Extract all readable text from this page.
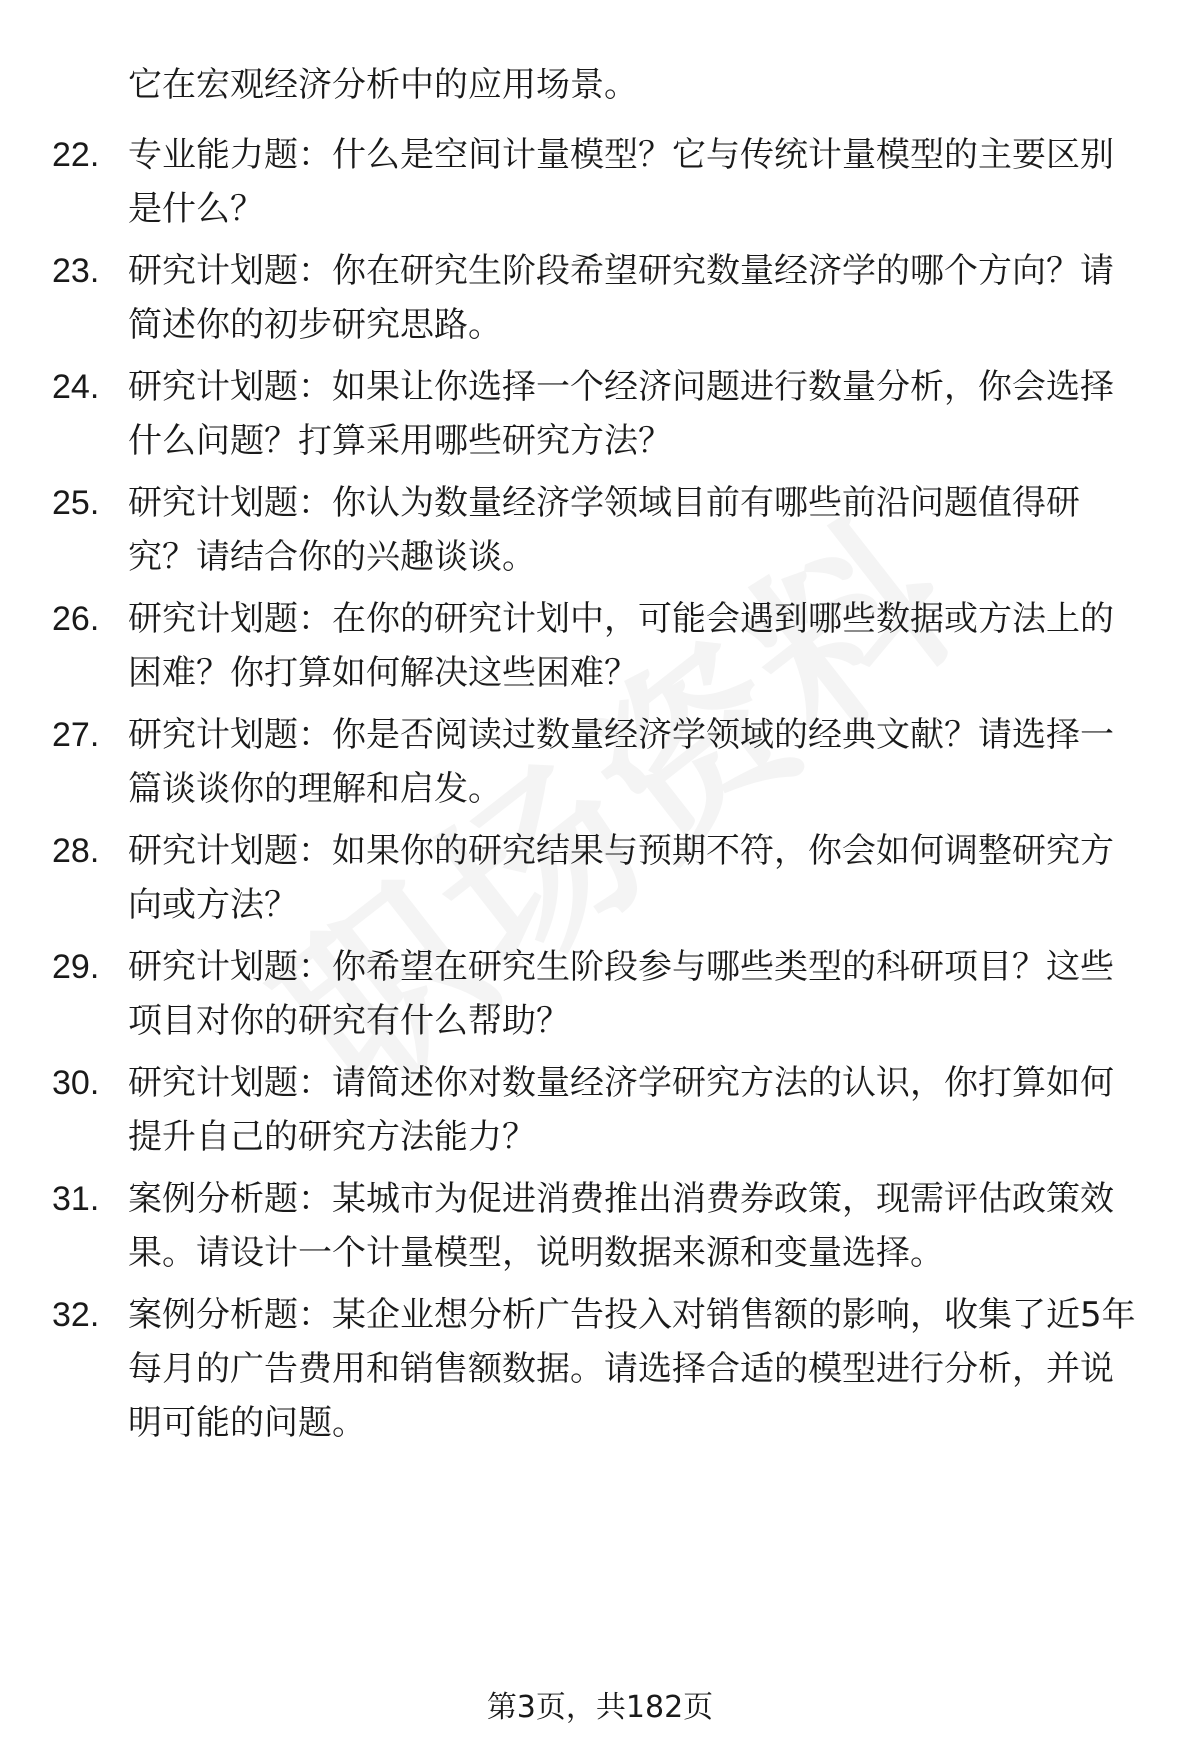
它在宏观经济分析中的应用场景。
22. 专业能力题：什么是空间计量模型？它与传统计量模型的主要区别是什么？
23. 研究计划题：你在研究生阶段希望研究数量经济学的哪个方向？请简述你的初步研究思路。
24. 研究计划题：如果让你选择一个经济问题进行数量分析，你会选择什么问题？打算采用哪些研究方法？
25. 研究计划题：你认为数量经济学领域目前有哪些前沿问题值得研究？请结合你的兴趣谈谈。
26. 研究计划题：在你的研究计划中，可能会遇到哪些数据或方法上的困难？你打算如何解决这些困难？
27. 研究计划题：你是否阅读过数量经济学领域的经典文献？请选择一篇谈谈你的理解和启发。
28. 研究计划题：如果你的研究结果与预期不符，你会如何调整研究方向或方法？
29. 研究计划题：你希望在研究生阶段参与哪些类型的科研项目？这些项目对你的研究有什么帮助？
30. 研究计划题：请简述你对数量经济学研究方法的认识，你打算如何提升自己的研究方法能力？
31. 案例分析题：某城市为促进消费推出消费券政策，现需评估政策效果。请设计一个计量模型，说明数据来源和变量选择。
32. 案例分析题：某企业想分析广告投入对销售额的影响，收集了近5年每月的广告费用和销售额数据。请选择合适的模型进行分析，并说明可能的问题。
第3页，共182页
